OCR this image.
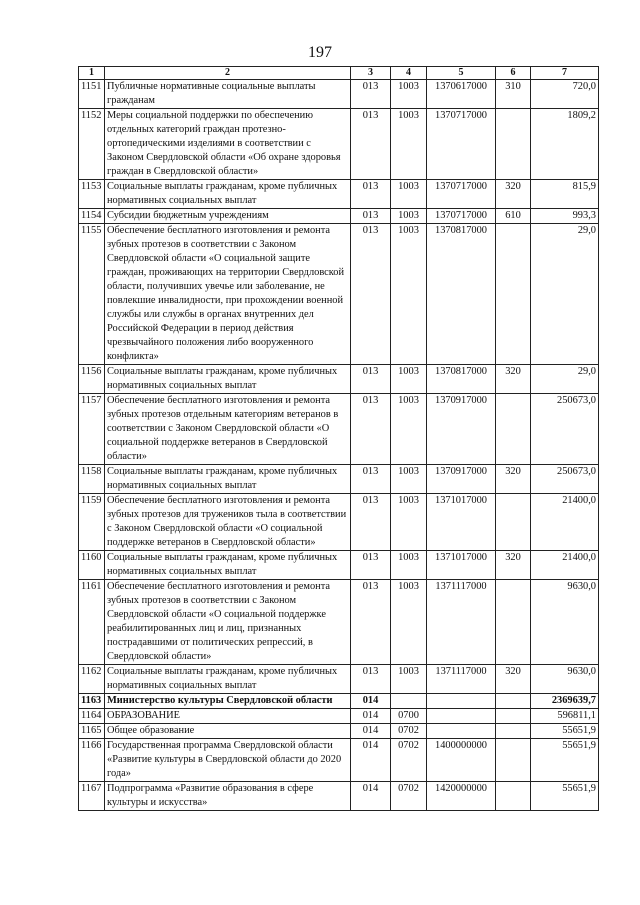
197
1	2	3	4	5	6	7
1151	Публичные нормативные социальные выплаты гражданам	013	1003	1370617000	310	720,0
1152	Меры социальной поддержки по обеспечению отдельных категорий граждан протезно-ортопедическими изделиями в соответствии с Законом Свердловской области «Об охране здоровья граждан в Свердловской области»	013	1003	1370717000		1809,2
1153	Социальные выплаты гражданам, кроме публичных нормативных социальных выплат	013	1003	1370717000	320	815,9
1154	Субсидии бюджетным учреждениям	013	1003	1370717000	610	993,3
1155	Обеспечение бесплатного изготовления и ремонта зубных протезов в соответствии с Законом Свердловской области «О социальной защите граждан, проживающих на территории Свердловской области, получивших увечье или заболевание, не повлекшие инвалидности, при прохождении военной службы или службы в органах внутренних дел Российской Федерации в период действия чрезвычайного положения либо вооруженного конфликта»	013	1003	1370817000		29,0
1156	Социальные выплаты гражданам, кроме публичных нормативных социальных выплат	013	1003	1370817000	320	29,0
1157	Обеспечение бесплатного изготовления и ремонта зубных протезов отдельным категориям ветеранов в соответствии с Законом Свердловской области «О социальной поддержке ветеранов в Свердловской области»	013	1003	1370917000		250673,0
1158	Социальные выплаты гражданам, кроме публичных нормативных социальных выплат	013	1003	1370917000	320	250673,0
1159	Обеспечение бесплатного изготовления и ремонта зубных протезов для тружеников тыла в соответствии с Законом Свердловской области «О социальной поддержке ветеранов в Свердловской области»	013	1003	1371017000		21400,0
1160	Социальные выплаты гражданам, кроме публичных нормативных социальных выплат	013	1003	1371017000	320	21400,0
1161	Обеспечение бесплатного изготовления и ремонта зубных протезов в соответствии с Законом Свердловской области «О социальной поддержке реабилитированных лиц и лиц, признанных пострадавшими от политических репрессий, в Свердловской области»	013	1003	1371117000		9630,0
1162	Социальные выплаты гражданам, кроме публичных нормативных социальных выплат	013	1003	1371117000	320	9630,0
1163	Министерство культуры Свердловской области	014				2369639,7
1164	ОБРАЗОВАНИЕ	014	0700			596811,1
1165	Общее образование	014	0702			55651,9
1166	Государственная программа Свердловской области «Развитие культуры в Свердловской области до 2020 года»	014	0702	1400000000		55651,9
1167	Подпрограмма «Развитие образования в сфере культуры и искусства»	014	0702	1420000000		55651,9
